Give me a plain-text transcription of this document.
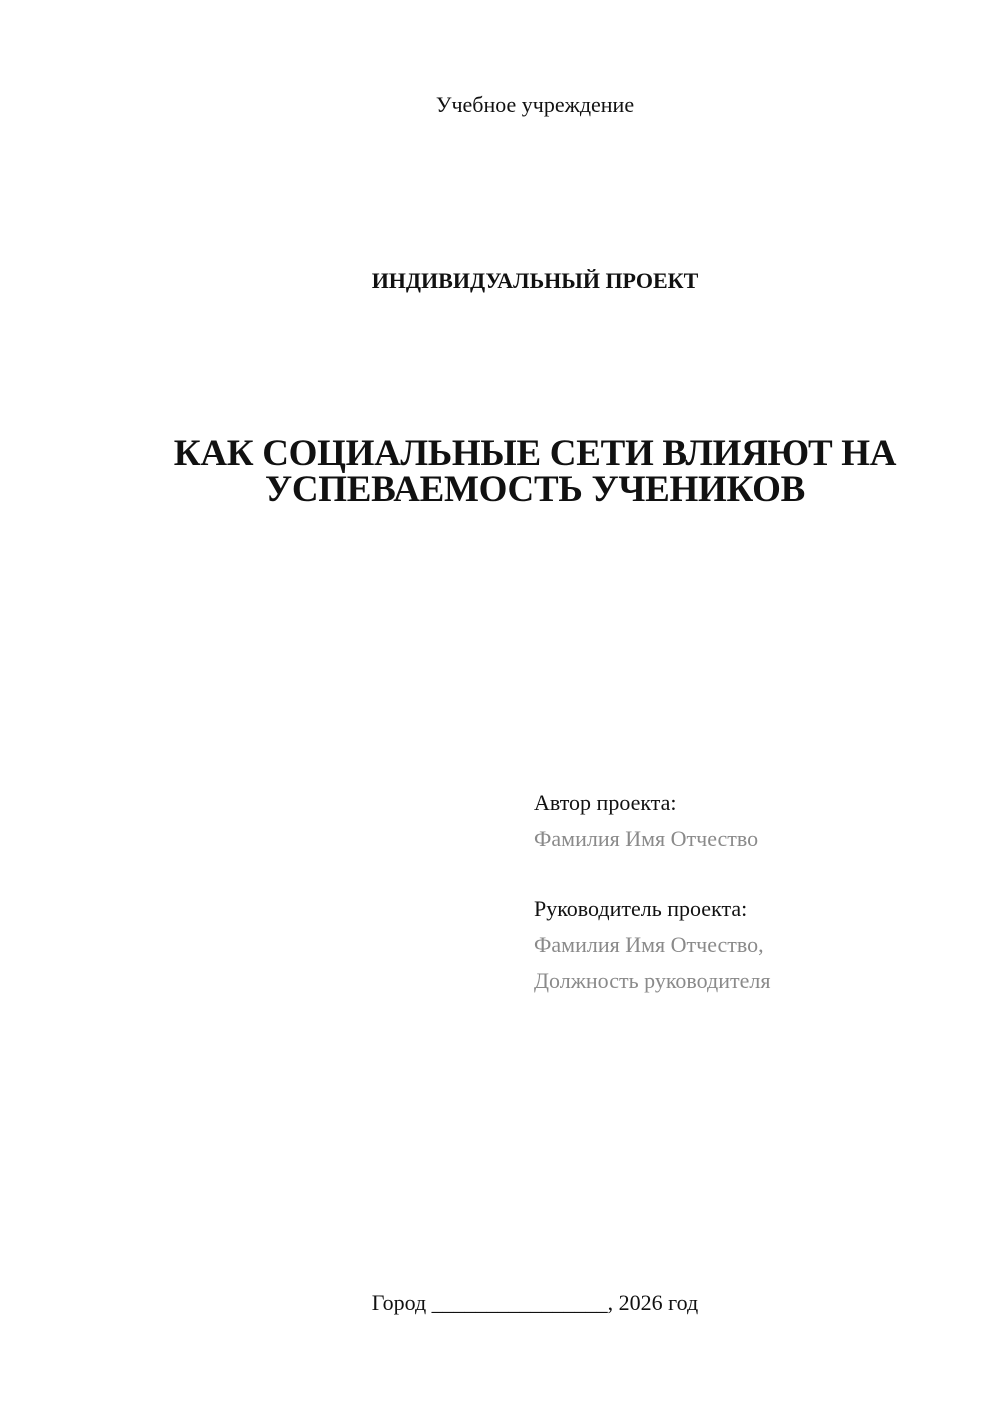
Учебное учреждение
ИНДИВИДУАЛЬНЫЙ ПРОЕКТ
КАК СОЦИАЛЬНЫЕ СЕТИ ВЛИЯЮТ НА
УСПЕВАЕМОСТЬ УЧЕНИКОВ
Автор проекта:
Фамилия Имя Отчество
Руководитель проекта:
Фамилия Имя Отчество,
Должность руководителя
Город ________________, 2026 год
